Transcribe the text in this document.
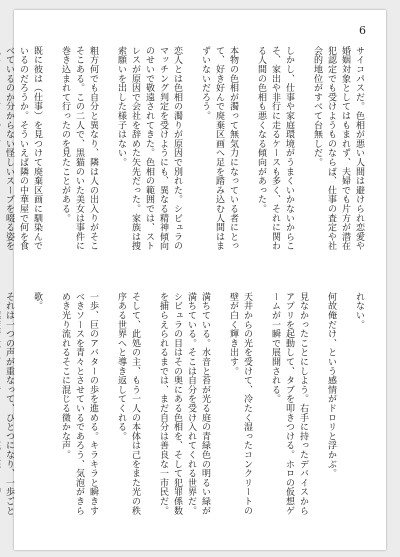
6

サイコパスだ。色相が悪い人間は避けられ恋愛や婚姻対象としてはもまれず、夫婦でも片方が潜在犯認定でも受けようものならば、仕事の査定や社会的地位がすべて台無しだ。

しかし、仕事や家庭環境がうまくいかないからこそ、家出や非行に走るケースも多く、それに関わる人間の色相も悪くなる傾向があった。

本物の色相が濁って無気力になっている者にとって、好き好んで廃棄区画へ足を踏み込む人間はまずいないだろう。

恋人とは色相の濁りが原因で別れた。シビュラのマッチング判定を受けようにも、異なる精神傾向のせいで敬遠されてきた。色相の範囲では、ストレスが原因で会社を辞めた矢先だった。家族は捜索願いを出した様子はない。

粗方何でも自分と異なり、隣は人の出入りがそこそこある。この二人で、黒猫のいた美女は事件に巻き込まれて行ったのを見たことがある。

既に彼は（仕事）を見つけて廃棄区画に馴染んでいるのだろうか。そういえば隣の中華屋で何を食べているのか分からない怪しいスープを啜る姿を

れない。

何故俺だけ、という感情がドロリと浮かぶ。

見なかったことにしよう。右手に持ったデバイスからアプリを起動して、タブを叩きつける。ホロの仮想ゲームが一瞬で展開される。

天井からの光を受けて、冷たく湿ったコンクリートの壁が白く輝き出す。

満ちている。水音と苔が光る庭の青緑色の明るい緑が満ちている。そこは自分を受け入れてくれる世界だ。シビュラの目はその奥にある色相を、そして犯罪係数を捕らえられるまでは、まだ自分は善良な一市民だ。

そして、此処の主、もう一人の本体は己をまた光の秩序ある世界へと導き返してくれる。

一歩、巨のアバターの歩を進める。キラキラと瞬きすべきソースを青々とさせているであろう、気泡がきらめき光り流れるそこに混じる微かな声。

歌。

それは一つの声が重なって、ひとつになり、一歩ごと
